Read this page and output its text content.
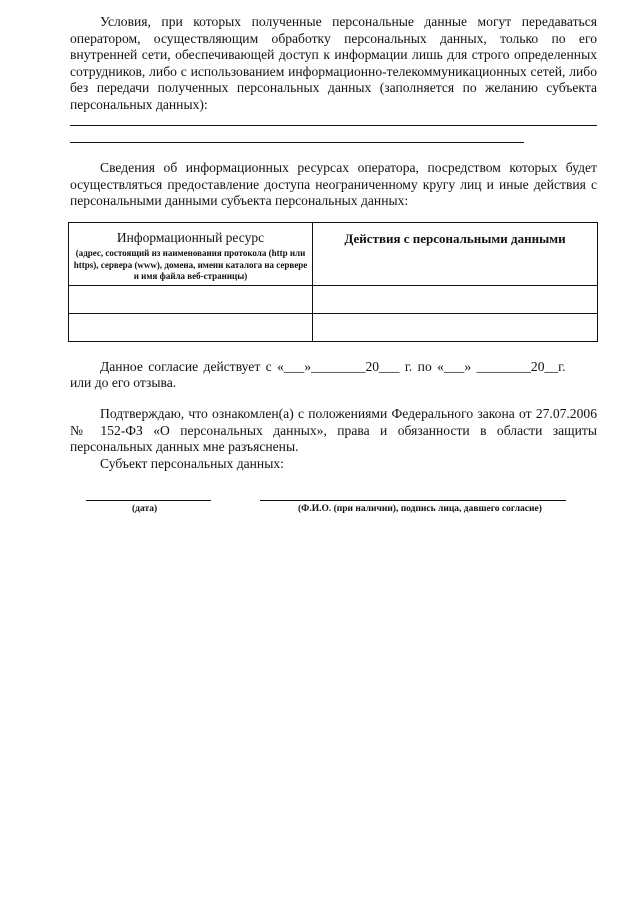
Условия, при которых полученные персональные данные могут передаваться оператором, осуществляющим обработку персональных данных, только по его внутренней сети, обеспечивающей доступ к информации лишь для строго определенных сотрудников, либо с использованием информационно-телекоммуникационных сетей, либо без передачи полученных персональных данных (заполняется по желанию субъекта персональных данных):

Сведения об информационных ресурсах оператора, посредством которых будет осуществляться предоставление доступа неограниченному кругу лиц и иные действия с персональными данными субъекта персональных данных:

Информационный ресурс
(адрес, состоящий из наименования протокола (http или https), сервера (www), домена, имени каталога на сервере и имя файла веб-страницы)	Действия с персональными данными

Данное согласие действует с «___»________20___ г. по «___» ________20__г.

или до его отзыва.

Подтверждаю, что ознакомлен(а) с положениями Федерального закона от 27.07.2006 № 152-ФЗ «О персональных данных», права и обязанности в области защиты персональных данных мне разъяснены.

Субъект персональных данных:

(дата)	(Ф.И.О. (при наличии), подпись лица, давшего согласие)
